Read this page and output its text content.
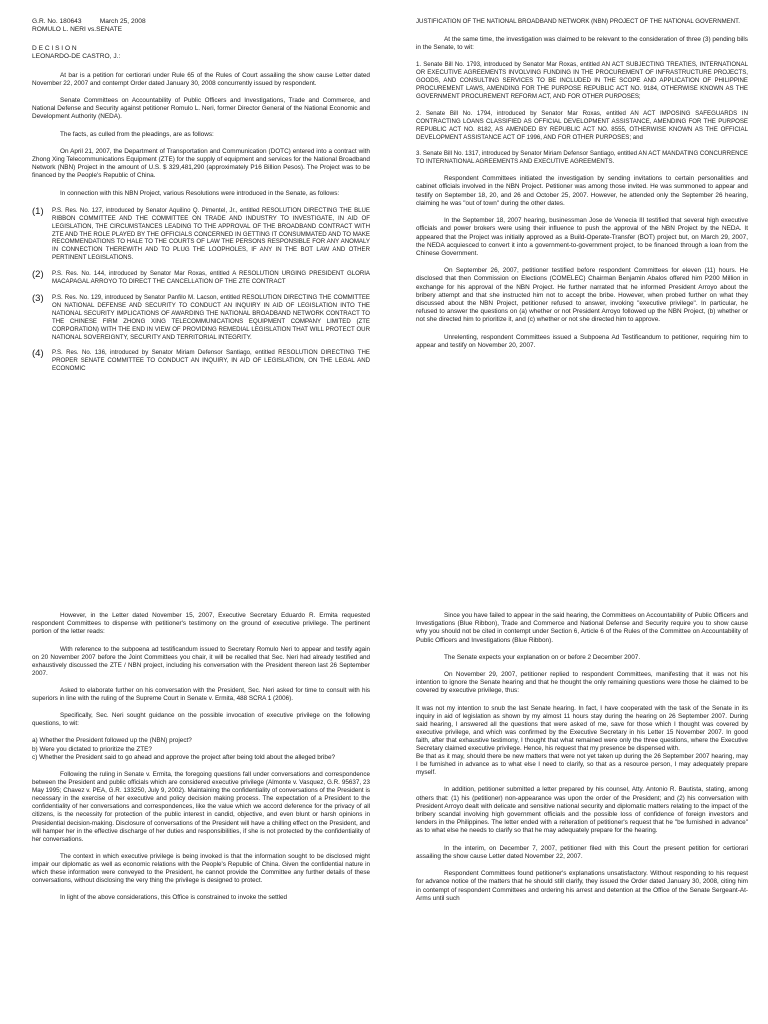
G.R. No. 180643          March 25, 2008

ROMULO L. NERI vs.SENATE

D E C I S I O N

LEONARDO-DE CASTRO, J.:

At bar is a petition for certiorari under Rule 65 of the Rules of Court assailing the show cause Letter dated November 22, 2007 and contempt Order dated January 30, 2008 concurrently issued by respondent.

Senate Committees on Accountability of Public Officers and Investigations, Trade and Commerce, and National Defense and Security against petitioner Romulo L. Neri, former Director General of the National Economic and Development Authority (NEDA).

The facts, as culled from the pleadings, are as follows:

On April 21, 2007, the Department of Transportation and Communication (DOTC) entered into a contract with Zhong Xing Telecommunications Equipment (ZTE) for the supply of equipment and services for the National Broadband Network (NBN) Project in the amount of U.S. $ 329,481,290 (approximately P16 Billion Pesos). The Project was to be financed by the People's Republic of China.

In connection with this NBN Project, various Resolutions were introduced in the Senate, as follows:

(1)	P.S. Res. No. 127, introduced by Senator Aquilino Q. Pimentel, Jr., entitled RESOLUTION DIRECTING THE BLUE RIBBON COMMITTEE AND THE COMMITTEE ON TRADE AND INDUSTRY TO INVESTIGATE, IN AID OF LEGISLATION, THE CIRCUMSTANCES LEADING TO THE APPROVAL OF THE BROADBAND CONTRACT WITH ZTE AND THE ROLE PLAYED BY THE OFFICIALS CONCERNED IN GETTING IT CONSUMMATED AND TO MAKE RECOMMENDATIONS TO HALE TO THE COURTS OF LAW THE PERSONS RESPONSIBLE FOR ANY ANOMALY IN CONNECTION THEREWITH AND TO PLUG THE LOOPHOLES, IF ANY IN THE BOT LAW AND OTHER PERTINENT LEGISLATIONS.

(2)	P.S. Res. No. 144, introduced by Senator Mar Roxas, entitled A RESOLUTION URGING PRESIDENT GLORIA MACAPAGAL ARROYO TO DIRECT THE CANCELLATION OF THE ZTE CONTRACT

(3)	P.S. Res. No. 129, introduced by Senator Panfilo M. Lacson, entitled RESOLUTION DIRECTING THE COMMITTEE ON NATIONAL DEFENSE AND SECURITY TO CONDUCT AN INQUIRY IN AID OF LEGISLATION INTO THE NATIONAL SECURITY IMPLICATIONS OF AWARDING THE NATIONAL BROADBAND NETWORK CONTRACT TO THE CHINESE FIRM ZHONG XING TELECOMMUNICATIONS EQUIPMENT COMPANY LIMITED (ZTE CORPORATION) WITH THE END IN VIEW OF PROVIDING REMEDIAL LEGISLATION THAT WILL PROTECT OUR NATIONAL SOVEREIGNTY, SECURITY AND TERRITORIAL INTEGRITY.

(4)	P.S. Res. No. 136, introduced by Senator Miriam Defensor Santiago, entitled RESOLUTION DIRECTING THE PROPER SENATE COMMITTEE TO CONDUCT AN INQUIRY, IN AID OF LEGISLATION, ON THE LEGAL AND ECONOMIC

JUSTIFICATION OF THE NATIONAL BROADBAND NETWORK (NBN) PROJECT OF THE NATIONAL GOVERNMENT.

At the same time, the investigation was claimed to be relevant to the consideration of three (3) pending bills in the Senate, to wit:

1. Senate Bill No. 1793, introduced by Senator Mar Roxas, entitled AN ACT SUBJECTING TREATIES, INTERNATIONAL OR EXECUTIVE AGREEMENTS INVOLVING FUNDING IN THE PROCUREMENT OF INFRASTRUCTURE PROJECTS, GOODS, AND CONSULTING SERVICES TO BE INCLUDED IN THE SCOPE AND APPLICATION OF PHILIPPINE PROCUREMENT LAWS, AMENDING FOR THE PURPOSE REPUBLIC ACT NO. 9184, OTHERWISE KNOWN AS THE GOVERNMENT PROCUREMENT REFORM ACT, AND FOR OTHER PURPOSES;

2. Senate Bill No. 1794, introduced by Senator Mar Roxas, entitled AN ACT IMPOSING SAFEGUARDS IN CONTRACTING LOANS CLASSIFIED AS OFFICIAL DEVELOPMENT ASSISTANCE, AMENDING FOR THE PURPOSE REPUBLIC ACT NO. 8182, AS AMENDED BY REPUBLIC ACT NO. 8555, OTHERWISE KNOWN AS THE OFFICIAL DEVELOPMENT ASSISTANCE ACT OF 1996, AND FOR OTHER PURPOSES; and

3. Senate Bill No. 1317, introduced by Senator Miriam Defensor Santiago, entitled AN ACT MANDATING CONCURRENCE TO INTERNATIONAL AGREEMENTS AND EXECUTIVE AGREEMENTS.

Respondent Committees initiated the investigation by sending invitations to certain personalities and cabinet officials involved in the NBN Project. Petitioner was among those invited. He was summoned to appear and testify on September 18, 20, and 26 and October 25, 2007. However, he attended only the September 26 hearing, claiming he was "out of town" during the other dates.

In the September 18, 2007 hearing, businessman Jose de Venecia III testified that several high executive officials and power brokers were using their influence to push the approval of the NBN Project by the NEDA. It appeared that the Project was initially approved as a Build-Operate-Transfer (BOT) project but, on March 29, 2007, the NEDA acquiesced to convert it into a government-to-government project, to be financed through a loan from the Chinese Government.

On September 26, 2007, petitioner testified before respondent Committees for eleven (11) hours. He disclosed that then Commission on Elections (COMELEC) Chairman Benjamin Abalos offered him P200 Million in exchange for his approval of the NBN Project. He further narrated that he informed President Arroyo about the bribery attempt and that she instructed him not to accept the bribe. However, when probed further on what they discussed about the NBN Project, petitioner refused to answer, invoking "executive privilege". In particular, he refused to answer the questions on (a) whether or not President Arroyo followed up the NBN Project, (b) whether or not she directed him to prioritize it, and (c) whether or not she directed him to approve.

Unrelenting, respondent Committees issued a Subpoena Ad Testificandum to petitioner, requiring him to appear and testify on November 20, 2007.

However, in the Letter dated November 15, 2007, Executive Secretary Eduardo R. Ermita requested respondent Committees to dispense with petitioner's testimony on the ground of executive privilege. The pertinent portion of the letter reads:

With reference to the subpoena ad testificandum issued to Secretary Romulo Neri to appear and testify again on 20 November 2007 before the Joint Committees you chair, it will be recalled that Sec. Neri had already testified and exhaustively discussed the ZTE / NBN project, including his conversation with the President thereon last 26 September 2007.

Asked to elaborate further on his conversation with the President, Sec. Neri asked for time to consult with his superiors in line with the ruling of the Supreme Court in Senate v. Ermita, 488 SCRA 1 (2006).

Specifically, Sec. Neri sought guidance on the possible invocation of executive privilege on the following questions, to wit:

a) Whether the President followed up the (NBN) project?

b) Were you dictated to prioritize the ZTE?

c) Whether the President said to go ahead and approve the project after being told about the alleged bribe?

Following the ruling in Senate v. Ermita, the foregoing questions fall under conversations and correspondence between the President and public officials which are considered executive privilege (Almonte v. Vasquez, G.R. 95637, 23 May 1995; Chavez v. PEA, G.R. 133250, July 9, 2002). Maintaining the confidentiality of conversations of the President is necessary in the exercise of her executive and policy decision making process. The expectation of a President to the confidentiality of her conversations and correspondences, like the value which we accord deference for the privacy of all citizens, is the necessity for protection of the public interest in candid, objective, and even blunt or harsh opinions in Presidential decision-making. Disclosure of conversations of the President will have a chilling effect on the President, and will hamper her in the effective discharge of her duties and responsibilities, if she is not protected by the confidentiality of her conversations.

The context in which executive privilege is being invoked is that the information sought to be disclosed might impair our diplomatic as well as economic relations with the People's Republic of China. Given the confidential nature in which these information were conveyed to the President, he cannot provide the Committee any further details of these conversations, without disclosing the very thing the privilege is designed to protect.

In light of the above considerations, this Office is constrained to invoke the settled

Since you have failed to appear in the said hearing, the Committees on Accountability of Public Officers and Investigations (Blue Ribbon), Trade and Commerce and National Defense and Security require you to show cause why you should not be cited in contempt under Section 6, Article 6 of the Rules of the Committee on Accountability of Public Officers and Investigations (Blue Ribbon).

The Senate expects your explanation on or before 2 December 2007.

On November 29, 2007, petitioner replied to respondent Committees, manifesting that it was not his intention to ignore the Senate hearing and that he thought the only remaining questions were those he claimed to be covered by executive privilege, thus:

It was not my intention to snub the last Senate hearing. In fact, I have cooperated with the task of the Senate in its inquiry in aid of legislation as shown by my almost 11 hours stay during the hearing on 26 September 2007. During said hearing, I answered all the questions that were asked of me, save for those which I thought was covered by executive privilege, and which was confirmed by the Executive Secretary in his Letter 15 November 2007. In good faith, after that exhaustive testimony, I thought that what remained were only the three questions, where the Executive Secretary claimed executive privilege. Hence, his request that my presence be dispensed with.

Be that as it may, should there be new matters that were not yet taken up during the 26 September 2007 hearing, may I be furnished in advance as to what else I need to clarify, so that as a resource person, I may adequately prepare myself.

In addition, petitioner submitted a letter prepared by his counsel, Atty. Antonio R. Bautista, stating, among others that: (1) his (petitioner) non-appearance was upon the order of the President; and (2) his conversation with President Arroyo dealt with delicate and sensitive national security and diplomatic matters relating to the impact of the bribery scandal involving high government officials and the possible loss of confidence of foreign investors and lenders in the Philippines. The letter ended with a reiteration of petitioner's request that he "be furnished in advance" as to what else he needs to clarify so that he may adequately prepare for the hearing.

In the interim, on December 7, 2007, petitioner filed with this Court the present petition for certiorari assailing the show cause Letter dated November 22, 2007.

Respondent Committees found petitioner's explanations unsatisfactory. Without responding to his request for advance notice of the matters that he should still clarify, they issued the Order dated January 30, 2008, citing him in contempt of respondent Committees and ordering his arrest and detention at the Office of the Senate Sergeant-At-Arms until such
